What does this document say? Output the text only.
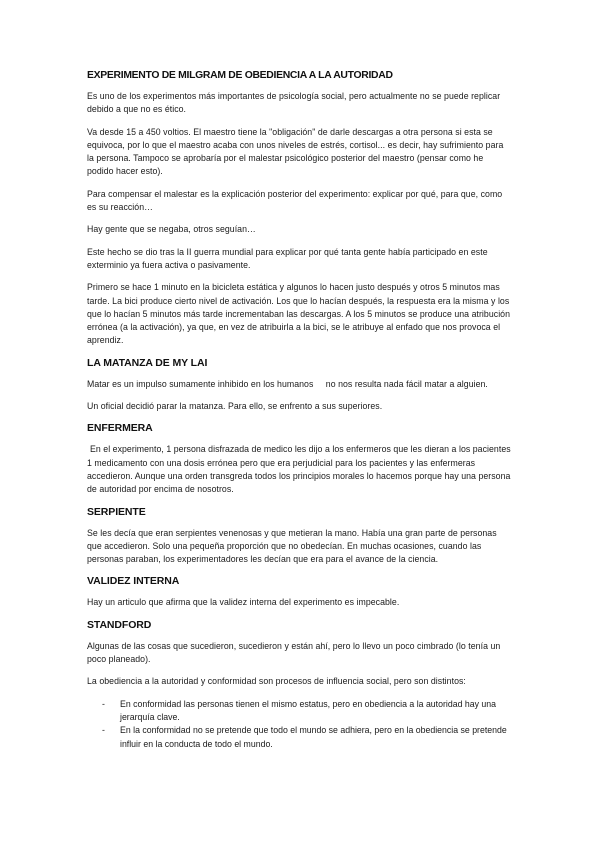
EXPERIMENTO DE MILGRAM DE OBEDIENCIA A LA AUTORIDAD

Es uno de los experimentos más importantes de psicología social, pero actualmente no se puede replicar debido a que no es ético.

Va desde 15 a 450 voltios. El maestro tiene la "obligación" de darle descargas a otra persona si esta se equivoca, por lo que el maestro acaba con unos niveles de estrés, cortisol... es decir, hay sufrimiento para la persona. Tampoco se aprobaría por el malestar psicológico posterior del maestro (pensar como he podido hacer esto).

Para compensar el malestar es la explicación posterior del experimento: explicar por qué, para que, como es su reacción…

Hay gente que se negaba, otros seguían…

Este hecho se dio tras la II guerra mundial para explicar por qué tanta gente había participado en este exterminio ya fuera activa o pasivamente.

Primero se hace 1 minuto en la bicicleta estática y algunos lo hacen justo después y otros 5 minutos mas tarde. La bici produce cierto nivel de activación. Los que lo hacían después, la respuesta era la misma y los que lo hacían 5 minutos más tarde incrementaban las descargas. A los 5 minutos se produce una atribución errónea (a la activación), ya que, en vez de atribuirla a la bici, se le atribuye al enfado que nos provoca el aprendiz.

LA MATANZA DE MY LAI

Matar es un impulso sumamente inhibido en los humanos     no nos resulta nada fácil matar a alguien.

Un oficial decidió parar la matanza. Para ello, se enfrento a sus superiores.

ENFERMERA

En el experimento, 1 persona disfrazada de medico les dijo a los enfermeros que les dieran a los pacientes 1 medicamento con una dosis errónea pero que era perjudicial para los pacientes y las enfermeras accedieron. Aunque una orden transgreda todos los principios morales lo hacemos porque hay una persona de autoridad por encima de nosotros.

SERPIENTE

Se les decía que eran serpientes venenosas y que metieran la mano. Había una gran parte de personas que accedieron. Solo una pequeña proporción que no obedecían. En muchas ocasiones, cuando las personas paraban, los experimentadores les decían que era para el avance de la ciencia.

VALIDEZ INTERNA

Hay un articulo que afirma que la validez interna del experimento es impecable.

STANDFORD

Algunas de las cosas que sucedieron, sucedieron y están ahí, pero lo llevo un poco cimbrado (lo tenía un poco planeado).

La obediencia a la autoridad y conformidad son procesos de influencia social, pero son distintos:

- En conformidad las personas tienen el mismo estatus, pero en obediencia a la autoridad hay una jerarquía clave.
- En la conformidad no se pretende que todo el mundo se adhiera, pero en la obediencia se pretende influir en la conducta de todo el mundo.
